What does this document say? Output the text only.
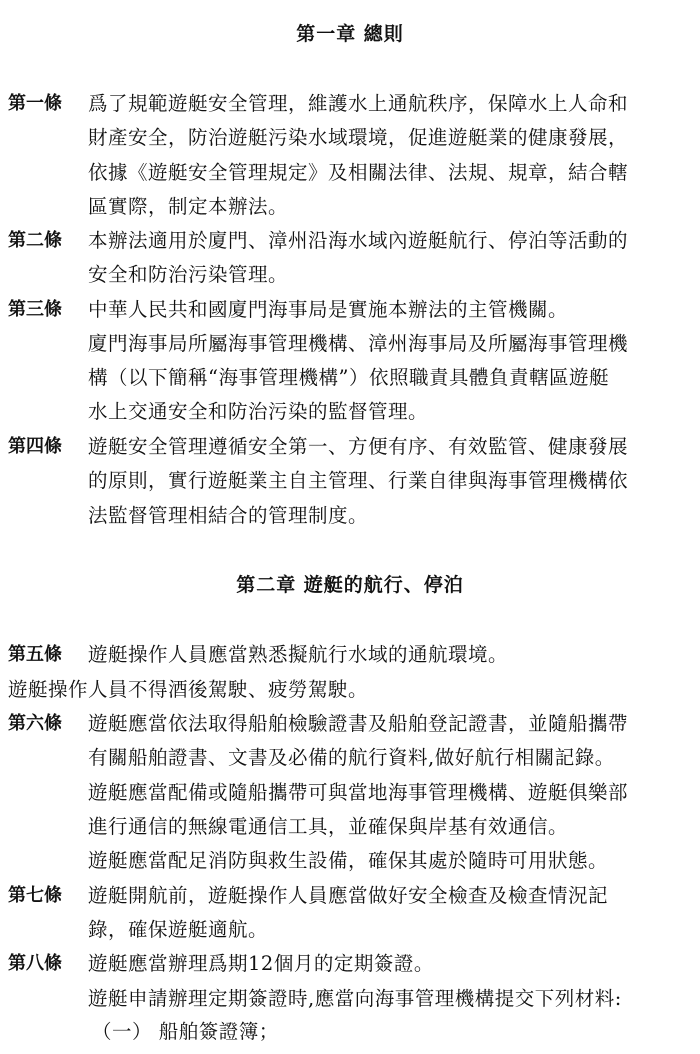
第一章 總則
第一條 爲了規範遊艇安全管理，維護水上通航秩序，保障水上人命和
財產安全，防治遊艇污染水域環境，促進遊艇業的健康發展，
依據《遊艇安全管理規定》及相關法律、法規、規章，結合轄
區實際，制定本辦法。
第二條 本辦法適用於廈門、漳州沿海水域內遊艇航行、停泊等活動的
安全和防治污染管理。
第三條 中華人民共和國廈門海事局是實施本辦法的主管機關。
廈門海事局所屬海事管理機構、漳州海事局及所屬海事管理機
構（以下簡稱“海事管理機構”）依照職責具體負責轄區遊艇
水上交通安全和防治污染的監督管理。
第四條 遊艇安全管理遵循安全第一、方便有序、有效監管、健康發展
的原則，實行遊艇業主自主管理、行業自律與海事管理機構依
法監督管理相結合的管理制度。
第二章 遊艇的航行、停泊
第五條 遊艇操作人員應當熟悉擬航行水域的通航環境。
遊艇操作人員不得酒後駕駛、疲勞駕駛。
第六條 遊艇應當依法取得船舶檢驗證書及船舶登記證書，並隨船攜帶
有關船舶證書、文書及必備的航行資料,做好航行相關記錄。
遊艇應當配備或隨船攜帶可與當地海事管理機構、遊艇俱樂部
進行通信的無線電通信工具，並確保與岸基有效通信。
遊艇應當配足消防與救生設備，確保其處於隨時可用狀態。
第七條 遊艇開航前，遊艇操作人員應當做好安全檢查及檢查情況記
錄，確保遊艇適航。
第八條 遊艇應當辦理爲期12個月的定期簽證。
遊艇申請辦理定期簽證時,應當向海事管理機構提交下列材料:
（一） 船舶簽證簿；
